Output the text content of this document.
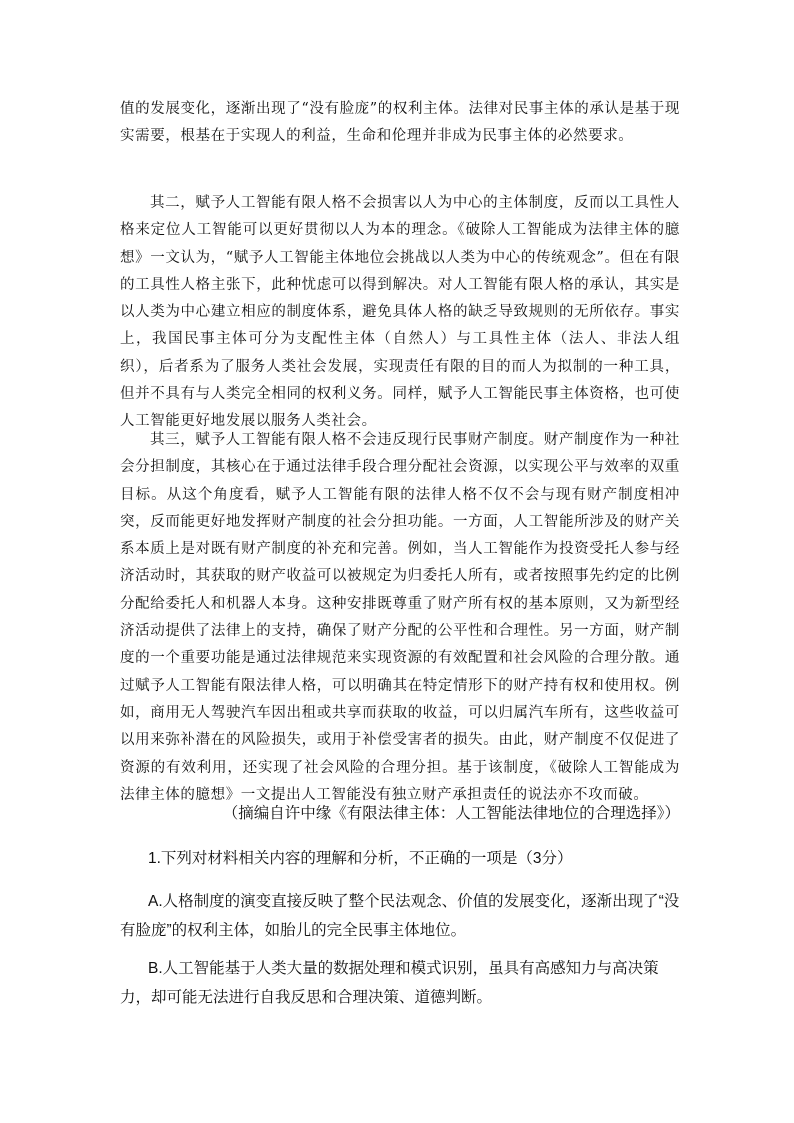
值的发展变化，逐渐出现了“没有脸庞”的权利主体。法律对民事主体的承认是基于现实需要，根基在于实现人的利益，生命和伦理并非成为民事主体的必然要求。

其二，赋予人工智能有限人格不会损害以人为中心的主体制度，反而以工具性人格来定位人工智能可以更好贯彻以人为本的理念。《破除人工智能成为法律主体的臆想》一文认为，“赋予人工智能主体地位会挑战以人类为中心的传统观念”。但在有限的工具性人格主张下，此种忧虑可以得到解决。对人工智能有限人格的承认，其实是以人类为中心建立相应的制度体系，避免具体人格的缺乏导致规则的无所依存。事实上，我国民事主体可分为支配性主体（自然人）与工具性主体（法人、非法人组织），后者系为了服务人类社会发展，实现责任有限的目的而人为拟制的一种工具，但并不具有与人类完全相同的权利义务。同样，赋予人工智能民事主体资格，也可使人工智能更好地发展以服务人类社会。

其三，赋予人工智能有限人格不会违反现行民事财产制度。财产制度作为一种社会分担制度，其核心在于通过法律手段合理分配社会资源，以实现公平与效率的双重目标。从这个角度看，赋予人工智能有限的法律人格不仅不会与现有财产制度相冲突，反而能更好地发挥财产制度的社会分担功能。一方面，人工智能所涉及的财产关系本质上是对既有财产制度的补充和完善。例如，当人工智能作为投资受托人参与经济活动时，其获取的财产收益可以被规定为归委托人所有，或者按照事先约定的比例分配给委托人和机器人本身。这种安排既尊重了财产所有权的基本原则，又为新型经济活动提供了法律上的支持，确保了财产分配的公平性和合理性。另一方面，财产制度的一个重要功能是通过法律规范来实现资源的有效配置和社会风险的合理分散。通过赋予人工智能有限法律人格，可以明确其在特定情形下的财产持有权和使用权。例如，商用无人驾驶汽车因出租或共享而获取的收益，可以归属汽车所有，这些收益可以用来弥补潜在的风险损失，或用于补偿受害者的损失。由此，财产制度不仅促进了资源的有效利用，还实现了社会风险的合理分担。基于该制度，《破除人工智能成为法律主体的臆想》一文提出人工智能没有独立财产承担责任的说法亦不攻而破。

（摘编自许中缘《有限法律主体：人工智能法律地位的合理选择》）

1.下列对材料相关内容的理解和分析，不正确的一项是（3分）

A.人格制度的演变直接反映了整个民法观念、价值的发展变化，逐渐出现了“没有脸庞”的权利主体，如胎儿的完全民事主体地位。

B.人工智能基于人类大量的数据处理和模式识别，虽具有高感知力与高决策力，却可能无法进行自我反思和合理决策、道德判断。
